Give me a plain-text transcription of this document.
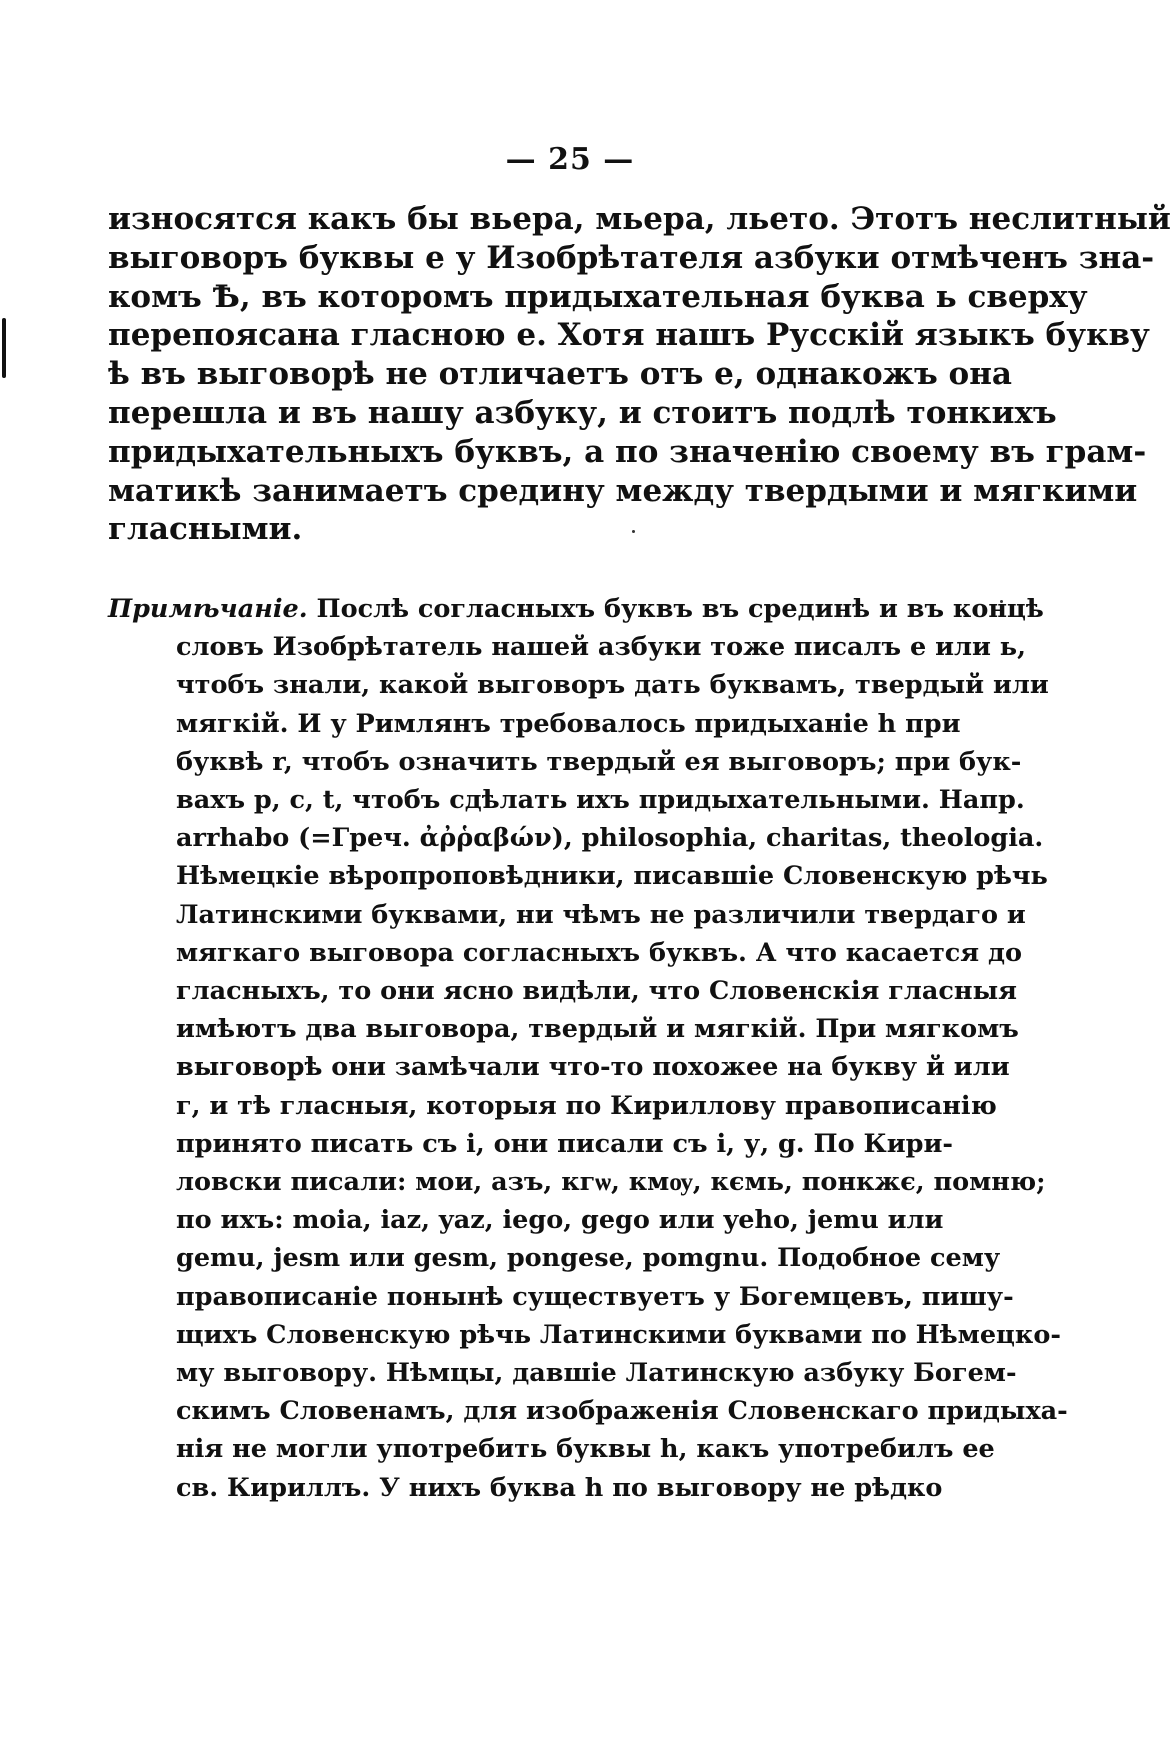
— 25 —
износятся какъ бы вьера, мьера, льето. Этотъ неслитный
выговоръ буквы е у Изобрѣтателя азбуки отмѣченъ зна-
комъ Ѣ, въ которомъ придыхательная буква ь сверху
перепоясана гласною е. Хотя нашъ Русскій языкъ букву
ѣ въ выговорѣ не отличаетъ отъ е, однакожъ она
перешла и въ нашу азбуку, и стоитъ подлѣ тонкихъ
придыхательныхъ буквъ, а по значенію своему въ грам-
матикѣ занимаетъ средину между твердыми и мягкими
гласными.
Примѣчаніе. Послѣ согласныхъ буквъ въ срединѣ и въ концѣ
словъ Изобрѣтатель нашей азбуки тоже писалъ е или ь,
чтобъ знали, какой выговоръ дать буквамъ, твердый или
мягкій. И у Римлянъ требовалось придыханіе h при
буквѣ r, чтобъ означить твердый ея выговоръ; при бук-
вахъ p, c, t, чтобъ сдѣлать ихъ придыхательными. Напр.
arrhabo (=Греч. ἀῤῥαβών), philosophia, charitas, theologia.
Нѣмецкіе вѣропроповѣдники, писавшіе Словенскую рѣчь
Латинскими буквами, ни чѣмъ не различили твердаго и
мягкаго выговора согласныхъ буквъ. А что касается до
гласныхъ, то они ясно видѣли, что Словенскія гласныя
имѣютъ два выговора, твердый и мягкій. При мягкомъ
выговорѣ они замѣчали что-то похожее на букву й или
г, и тѣ гласныя, которыя по Кириллову правописанію
принято писать съ і, они писали съ і, у, g. По Кири-
ловски писали: мои, азъ, кгѡ, кмѹ, кємь, понкжє, помню;
по ихъ: moia, iaz, yaz, iego, gego или yeho, jemu или
gemu, jesm или gesm, pongese, pomgnu. Подобное сему
правописаніе понынѣ существуетъ у Богемцевъ, пишу-
щихъ Словенскую рѣчь Латинскими буквами по Нѣмецко-
му выговору. Нѣмцы, давшіе Латинскую азбуку Богем-
скимъ Словенамъ, для изображенія Словенскаго придыха-
нія не могли употребить буквы h, какъ употребилъ ее
св. Кириллъ. У нихъ буква h по выговору не рѣдко
